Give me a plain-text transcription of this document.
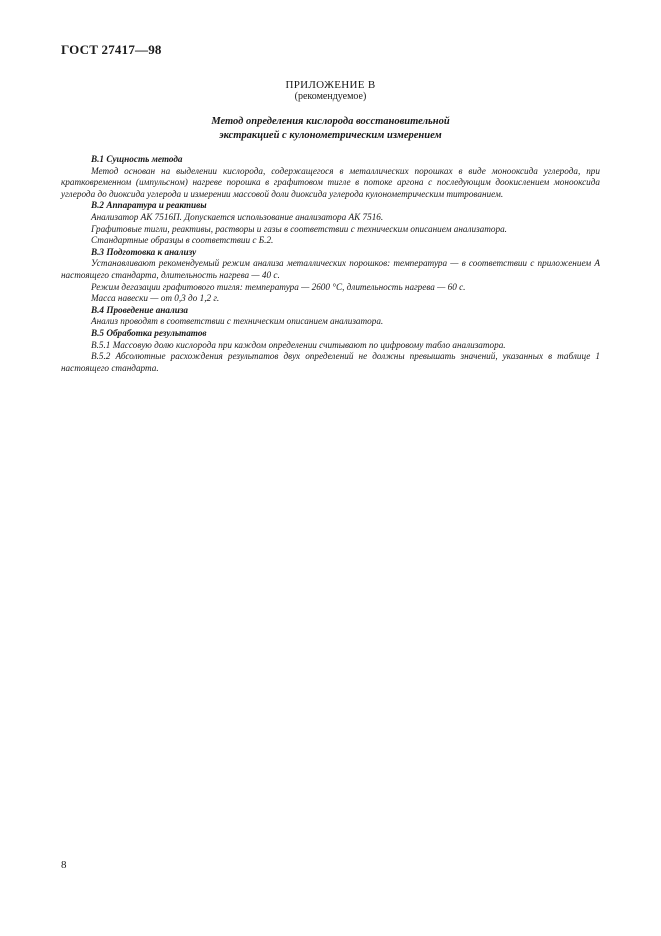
ГОСТ 27417—98
ПРИЛОЖЕНИЕ В
(рекомендуемое)
Метод определения кислорода восстановительной
экстракцией с кулонометрическим измерением

В.1 Сущность метода

Метод основан на выделении кислорода, содержащегося в металлических порошках в виде монооксида углерода, при кратковременном (импульсном) нагреве порошка в графитовом тигле в потоке аргона с последующим доокислением монооксида углерода до диоксида углерода и измерении массовой доли диоксида углерода кулонометрическим титрованием.

В.2 Аппаратура и реактивы

Анализатор АК 7516П. Допускается использование анализатора АК 7516.

Графитовые тигли, реактивы, растворы и газы в соответствии с техническим описанием анализатора.

Стандартные образцы в соответствии с Б.2.

В.3 Подготовка к анализу

Устанавливают рекомендуемый режим анализа металлических порошков: температура — в соответствии с приложением А настоящего стандарта, длительность нагрева — 40 с.

Режим дегазации графитового тигля: температура — 2600 °С, длительность нагрева — 60 с.

Масса навески — от 0,3 до 1,2 г.

В.4 Проведение анализа

Анализ проводят в соответствии с техническим описанием анализатора.

В.5 Обработка результатов

В.5.1 Массовую долю кислорода при каждом определении считывают по цифровому табло анализатора.

В.5.2 Абсолютные расхождения результатов двух определений не должны превышать значений, указанных в таблице 1 настоящего стандарта.

8
